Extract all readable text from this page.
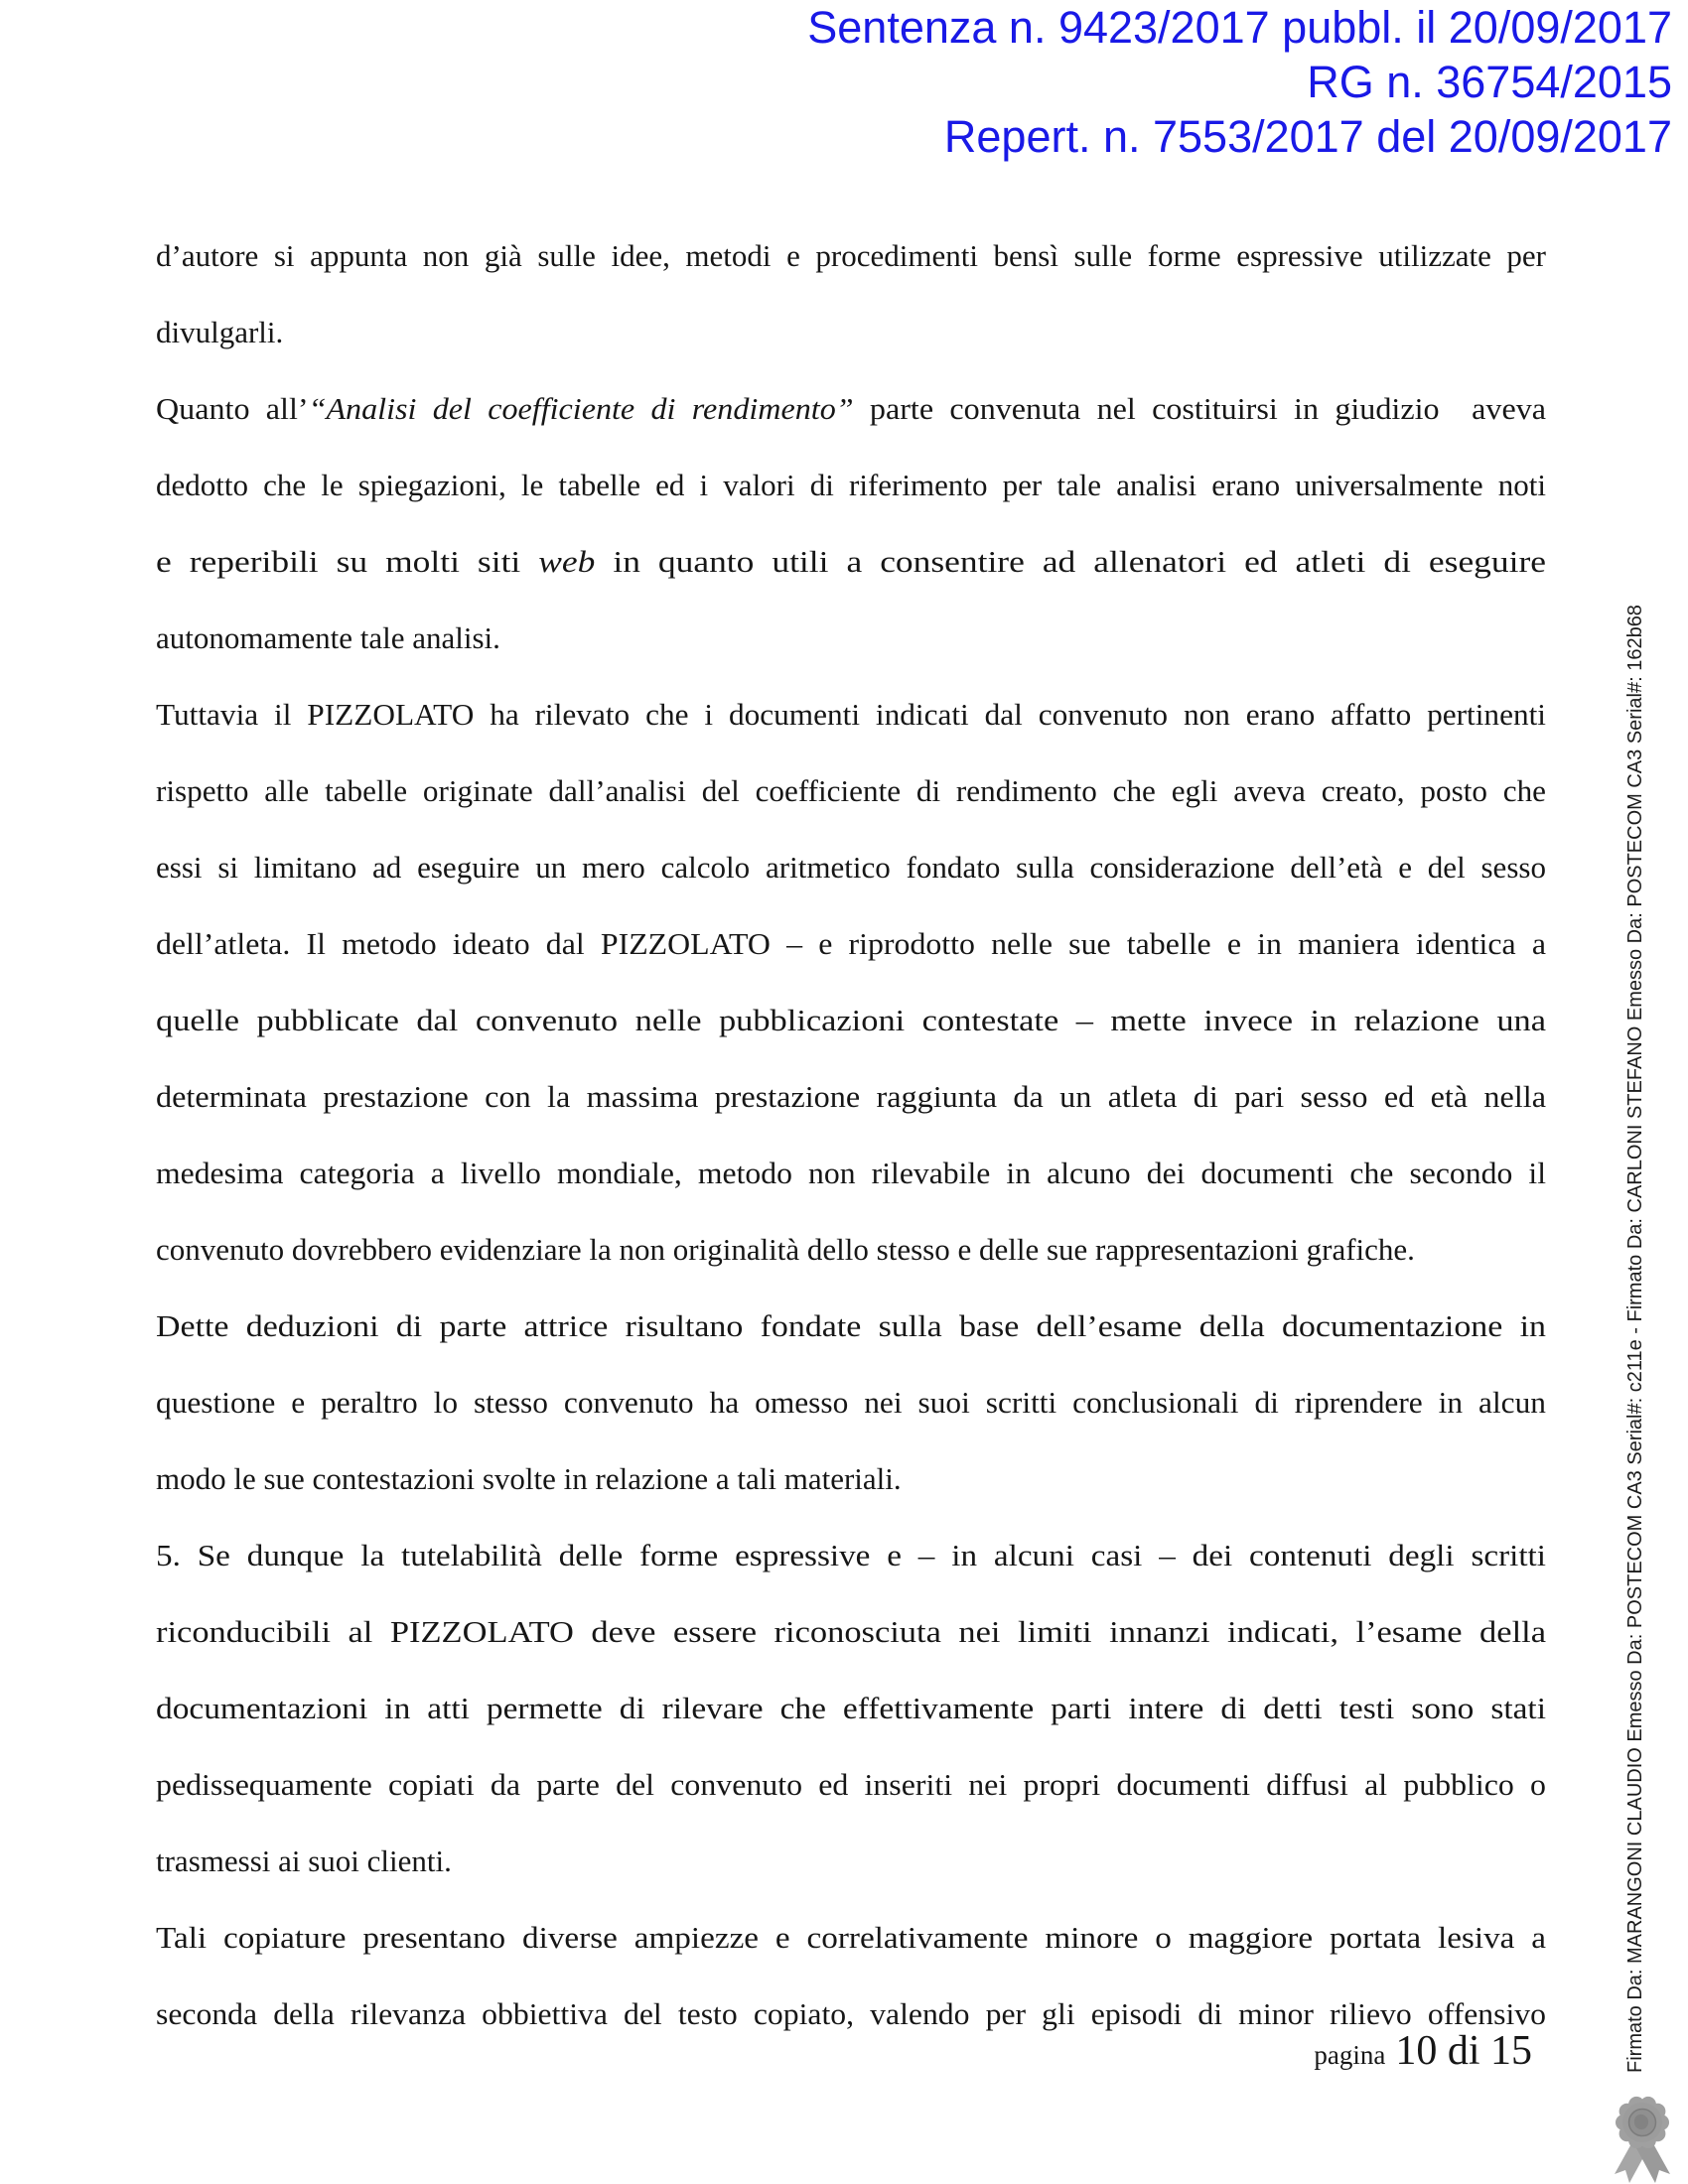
Sentenza n. 9423/2017 pubbl. il 20/09/2017
RG n. 36754/2015
Repert. n. 7553/2017 del 20/09/2017
d’autore si appunta non già sulle idee, metodi e procedimenti bensì sulle forme espressive utilizzate per
divulgarli.
Quanto all’“Analisi del coefficiente di rendimento” parte convenuta nel costituirsi in giudizio  aveva
dedotto che le spiegazioni, le tabelle ed i valori di riferimento per tale analisi erano universalmente noti
e reperibili su molti siti web in quanto utili a consentire ad allenatori ed atleti di eseguire
autonomamente tale analisi.
Tuttavia il PIZZOLATO ha rilevato che i documenti indicati dal convenuto non erano affatto pertinenti
rispetto alle tabelle originate dall’analisi del coefficiente di rendimento che egli aveva creato, posto che
essi si limitano ad eseguire un mero calcolo aritmetico fondato sulla considerazione dell’età e del sesso
dell’atleta. Il metodo ideato dal PIZZOLATO – e riprodotto nelle sue tabelle e in maniera identica a
quelle pubblicate dal convenuto nelle pubblicazioni contestate – mette invece in relazione una
determinata prestazione con la massima prestazione raggiunta da un atleta di pari sesso ed età nella
medesima categoria a livello mondiale, metodo non rilevabile in alcuno dei documenti che secondo il
convenuto dovrebbero evidenziare la non originalità dello stesso e delle sue rappresentazioni grafiche.
Dette deduzioni di parte attrice risultano fondate sulla base dell’esame della documentazione in
questione e peraltro lo stesso convenuto ha omesso nei suoi scritti conclusionali di riprendere in alcun
modo le sue contestazioni svolte in relazione a tali materiali.
5. Se dunque la tutelabilità delle forme espressive e – in alcuni casi – dei contenuti degli scritti
riconducibili al PIZZOLATO deve essere riconosciuta nei limiti innanzi indicati, l’esame della
documentazioni in atti permette di rilevare che effettivamente parti intere di detti testi sono stati
pedissequamente copiati da parte del convenuto ed inseriti nei propri documenti diffusi al pubblico o
trasmessi ai suoi clienti.
Tali copiature presentano diverse ampiezze e correlativamente minore o maggiore portata lesiva a
seconda della rilevanza obbiettiva del testo copiato, valendo per gli episodi di minor rilievo offensivo
pagina 10 di 15	Firmato Da: MARANGONI CLAUDIO Emesso Da: POSTECOM CA3 Serial#: c211e - Firmato Da: CARLONI STEFANO Emesso Da: POSTECOM CA3 Serial#: 162b68
